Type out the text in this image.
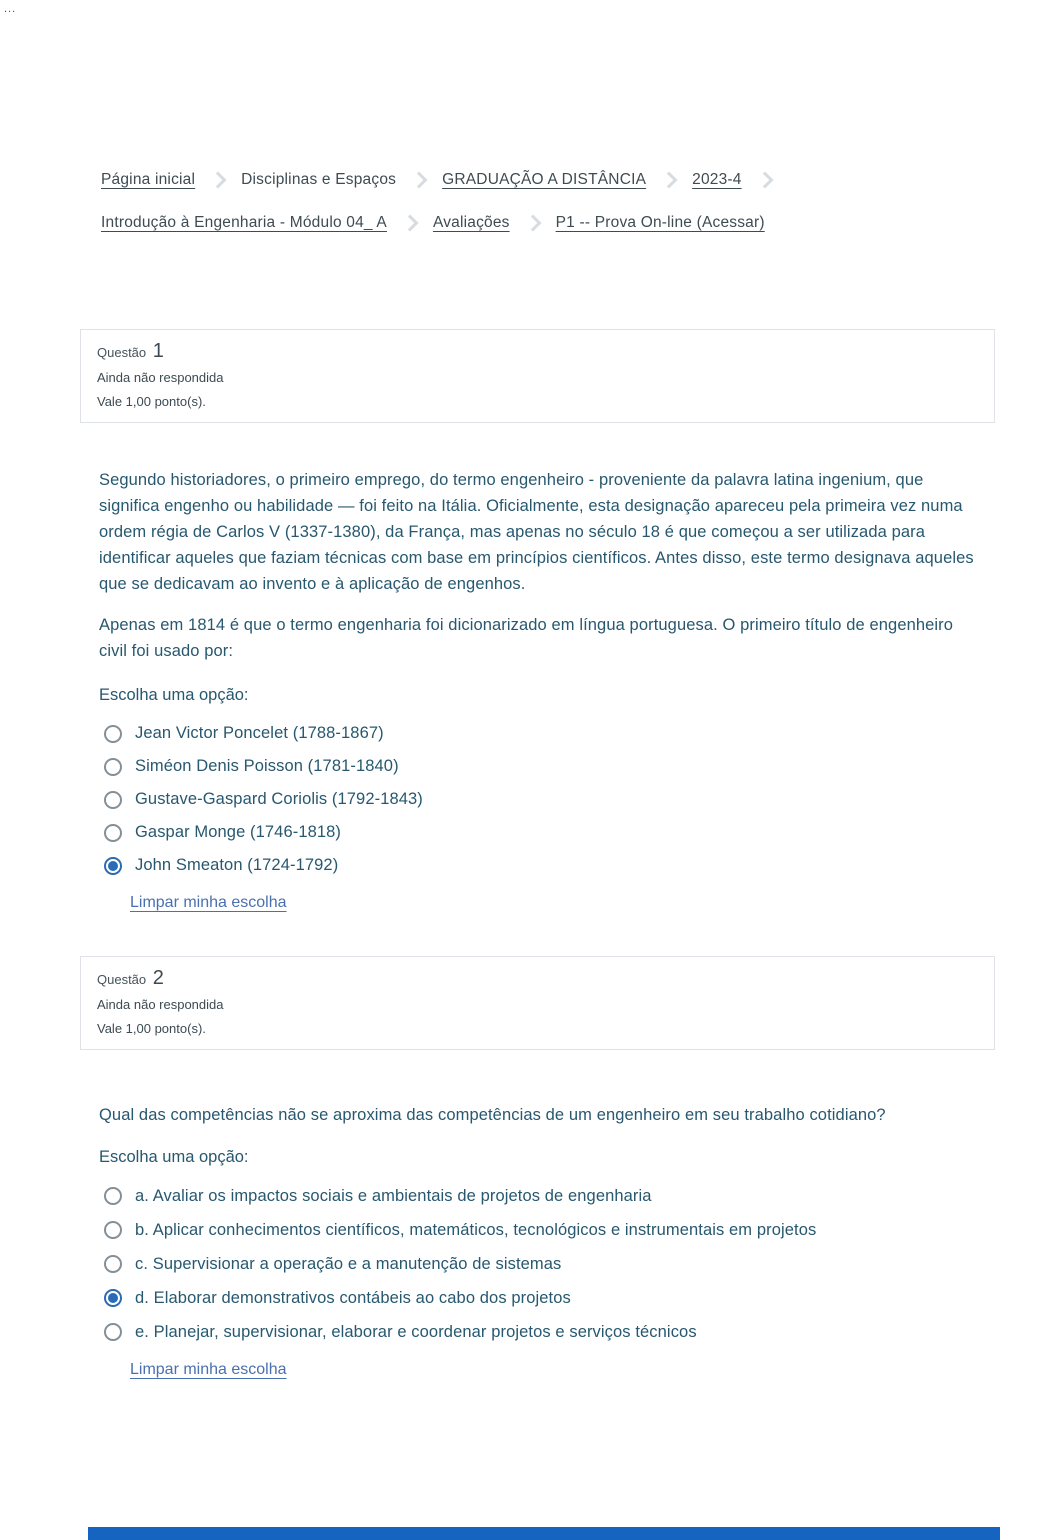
...
Página inicial	Disciplinas e Espaços	GRADUAÇÃO A DISTÂNCIA	2023-4
Introdução à Engenharia - Módulo 04_ A	Avaliações	P1 -- Prova On-line (Acessar)
Questão 1
Ainda não respondida
Vale 1,00 ponto(s).

Segundo historiadores, o primeiro emprego, do termo engenheiro - proveniente da palavra latina ingenium, que significa engenho ou habilidade — foi feito na Itália. Oficialmente, esta designação apareceu pela primeira vez numa ordem régia de Carlos V (1337-1380), da França, mas apenas no século 18 é que começou a ser utilizada para identificar aqueles que faziam técnicas com base em princípios científicos. Antes disso, este termo designava aqueles que se dedicavam ao invento e à aplicação de engenhos.

Apenas em 1814 é que o termo engenharia foi dicionarizado em língua portuguesa. O primeiro título de engenheiro civil foi usado por:

Escolha uma opção:
Jean Victor Poncelet (1788-1867)
Siméon Denis Poisson (1781-1840)
Gustave-Gaspard Coriolis (1792-1843)
Gaspar Monge (1746-1818)
John Smeaton (1724-1792)
Limpar minha escolha
Questão 2
Ainda não respondida
Vale 1,00 ponto(s).

Qual das competências não se aproxima das competências de um engenheiro em seu trabalho cotidiano?

Escolha uma opção:
a. Avaliar os impactos sociais e ambientais de projetos de engenharia
b. Aplicar conhecimentos científicos, matemáticos, tecnológicos e instrumentais em projetos
c. Supervisionar a operação e a manutenção de sistemas
d. Elaborar demonstrativos contábeis ao cabo dos projetos
e. Planejar, supervisionar, elaborar e coordenar projetos e serviços técnicos
Limpar minha escolha
